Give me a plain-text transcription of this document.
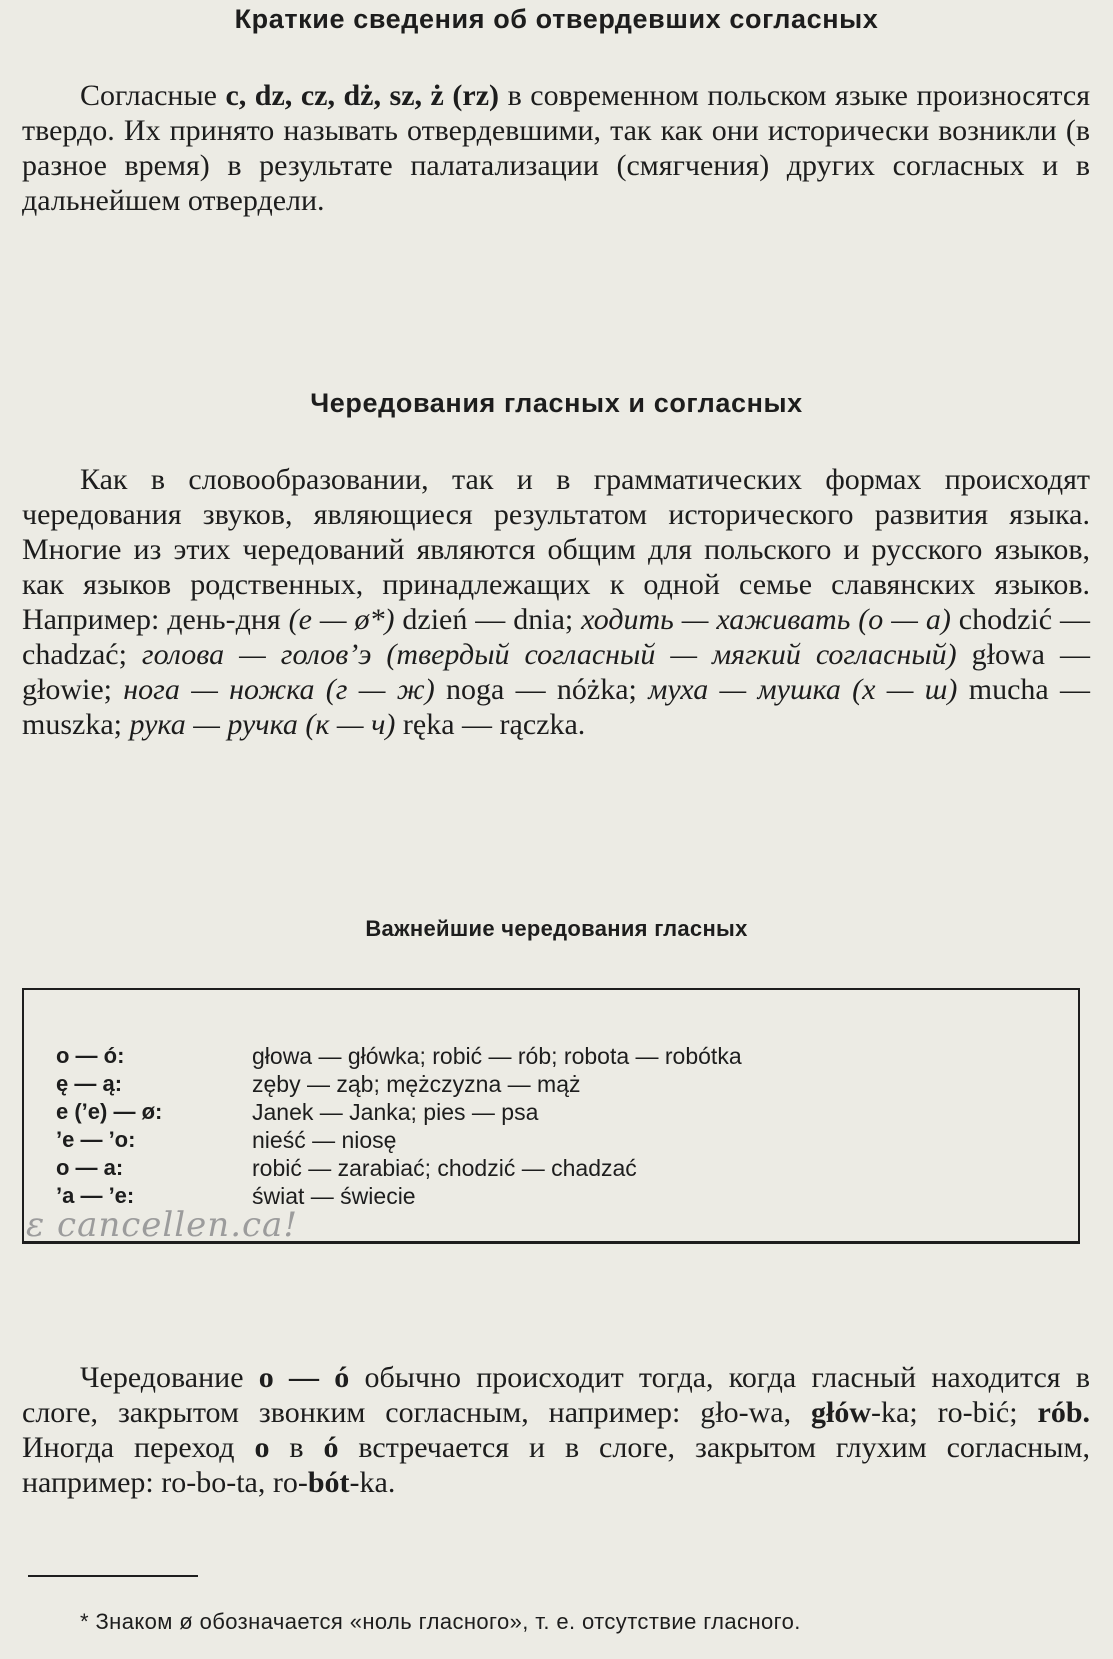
Краткие сведения об отвердевших согласных

Согласные c, dz, cz, dż, sz, ż (rz) в современном польском языке произносятся твердо. Их принято называть отвердевшими, так как они исторически возникли (в разное время) в результате палатализации (смягчения) других согласных и в дальнейшем отвердели.

Чередования гласных и согласных

Как в словообразовании, так и в грамматических формах происходят чередования звуков, являющиеся результатом исторического развития языка. Многие из этих чередований являются общим для польского и русского языков, как языков родственных, принадлежащих к одной семье славянских языков. Например: день-дня (е — ø*) dzień — dnia; ходить — хаживать (о — а) chodzić — chadzać; голова — голов’э (твердый согласный — мягкий согласный) głowa — głowie; нога — ножка (г — ж) noga — nóżka; муха — мушка (х — ш) mucha — muszka; рука — ручка (к — ч) ręka — rączka.

Важнейшие чередования гласных
o — ó:	głowa — główka; robić — rób; robota — robótka
ę — ą:	zęby — ząb; mężczyzna — mąż
e (’e) — ø:	Janek — Janka; pies — psa
’e — ’o:	nieść — niosę
o — a:	robić — zarabiać; chodzić — chadzać
’a — ’e:	świat — świecie
ε cancellen.ca!

Чередование o — ó обычно происходит тогда, когда гласный находится в слоге, закрытом звонким согласным, например: gło-wa, głów-ka; ro-bić; rób. Иногда переход o в ó встречается и в слоге, закрытом глухим согласным, например: ro-bo-ta, ro-bót-ka.

* Знаком ø обозначается «ноль гласного», т. е. отсутствие гласного.
